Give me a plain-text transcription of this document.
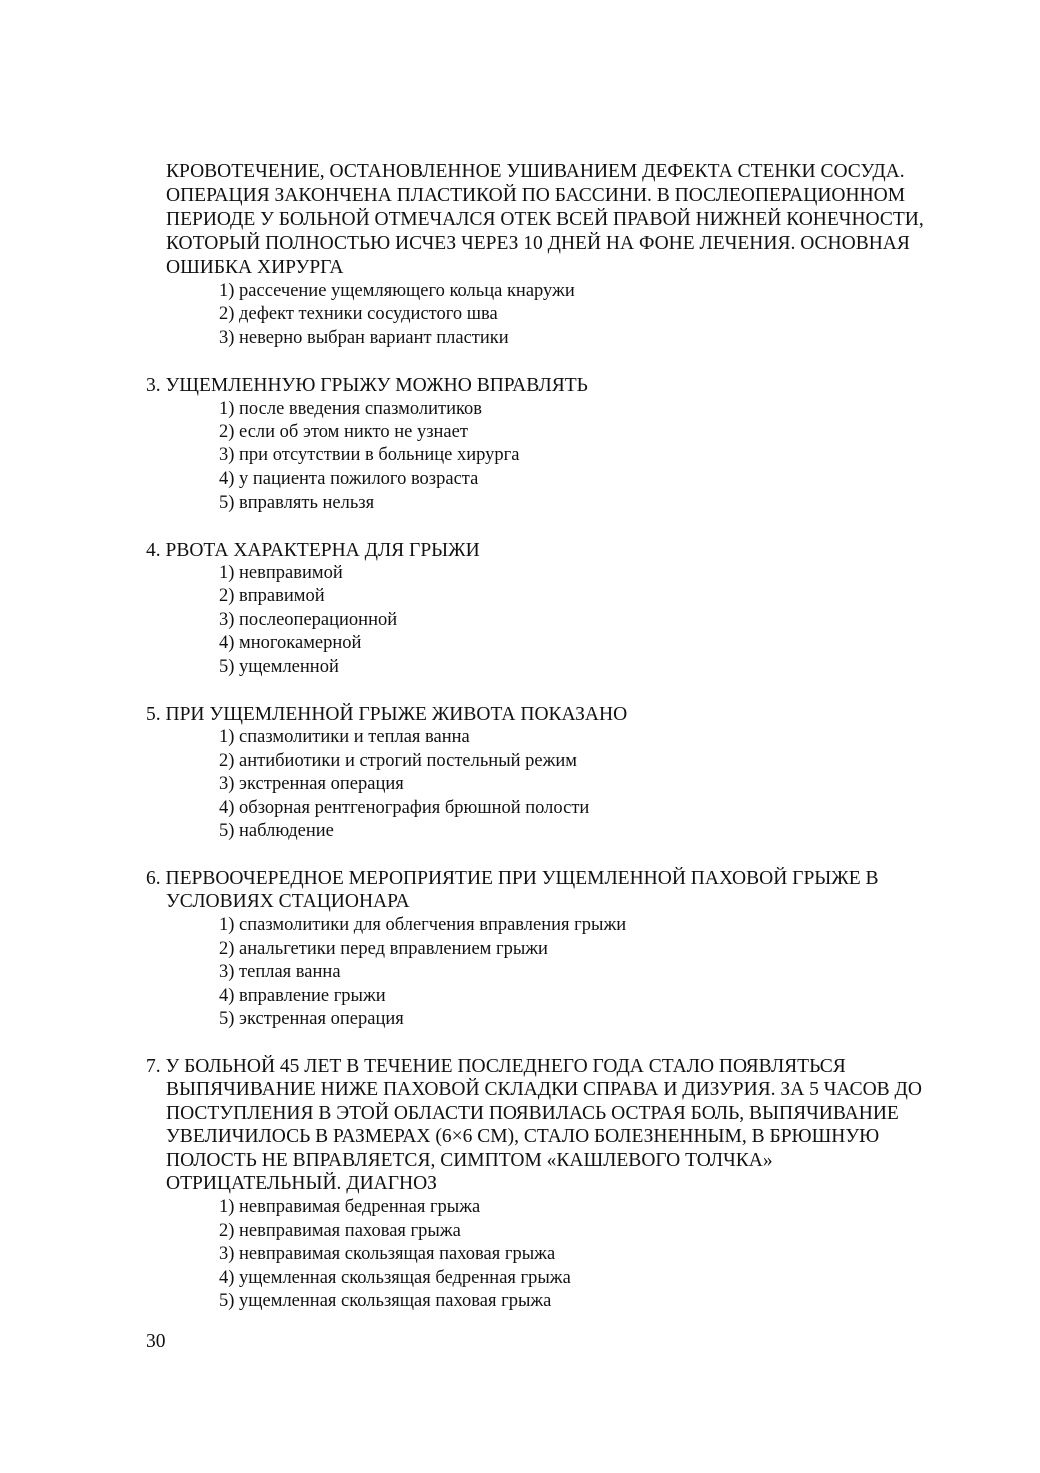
КРОВОТЕЧЕНИЕ, ОСТАНОВЛЕННОЕ УШИВАНИЕМ ДЕФЕКТА СТЕНКИ СОСУДА.
ОПЕРАЦИЯ ЗАКОНЧЕНА ПЛАСТИКОЙ ПО БАССИНИ. В ПОСЛЕОПЕРАЦИОННОМ
ПЕРИОДЕ У БОЛЬНОЙ ОТМЕЧАЛСЯ ОТЕК ВСЕЙ ПРАВОЙ НИЖНЕЙ КОНЕЧНОСТИ,
КОТОРЫЙ ПОЛНОСТЬЮ ИСЧЕЗ ЧЕРЕЗ 10 ДНЕЙ НА ФОНЕ ЛЕЧЕНИЯ. ОСНОВНАЯ
ОШИБКА ХИРУРГА
1) рассечение ущемляющего кольца кнаружи
2) дефект техники сосудистого шва
3) неверно выбран вариант пластики
3. УЩЕМЛЕННУЮ ГРЫЖУ МОЖНО ВПРАВЛЯТЬ
1) после введения спазмолитиков
2) если об этом никто не узнает
3) при отсутствии в больнице хирурга
4) у пациента пожилого возраста
5) вправлять нельзя
4. РВОТА ХАРАКТЕРНА ДЛЯ ГРЫЖИ
1) невправимой
2) вправимой
3) послеоперационной
4) многокамерной
5) ущемленной
5. ПРИ УЩЕМЛЕННОЙ ГРЫЖЕ ЖИВОТА ПОКАЗАНО
1) спазмолитики и теплая ванна
2) антибиотики и строгий постельный режим
3) экстренная операция
4) обзорная рентгенография брюшной полости
5) наблюдение
6. ПЕРВООЧЕРЕДНОЕ МЕРОПРИЯТИЕ ПРИ УЩЕМЛЕННОЙ ПАХОВОЙ ГРЫЖЕ В
УСЛОВИЯХ СТАЦИОНАРА
1) спазмолитики для облегчения вправления грыжи
2) анальгетики перед вправлением грыжи
3) теплая ванна
4) вправление грыжи
5) экстренная операция
7. У БОЛЬНОЙ 45 ЛЕТ В ТЕЧЕНИЕ ПОСЛЕДНЕГО ГОДА СТАЛО ПОЯВЛЯТЬСЯ
ВЫПЯЧИВАНИЕ НИЖЕ ПАХОВОЙ СКЛАДКИ СПРАВА И ДИЗУРИЯ. ЗА 5 ЧАСОВ ДО
ПОСТУПЛЕНИЯ В ЭТОЙ ОБЛАСТИ ПОЯВИЛАСЬ ОСТРАЯ БОЛЬ, ВЫПЯЧИВАНИЕ
УВЕЛИЧИЛОСЬ В РАЗМЕРАХ (6×6 СМ), СТАЛО БОЛЕЗНЕННЫМ, В БРЮШНУЮ
ПОЛОСТЬ НЕ ВПРАВЛЯЕТСЯ, СИМПТОМ «КАШЛЕВОГО ТОЛЧКА»
ОТРИЦАТЕЛЬНЫЙ. ДИАГНОЗ
1) невправимая бедренная грыжа
2) невправимая паховая грыжа
3) невправимая скользящая паховая грыжа
4) ущемленная скользящая бедренная грыжа
5) ущемленная скользящая паховая грыжа
30
